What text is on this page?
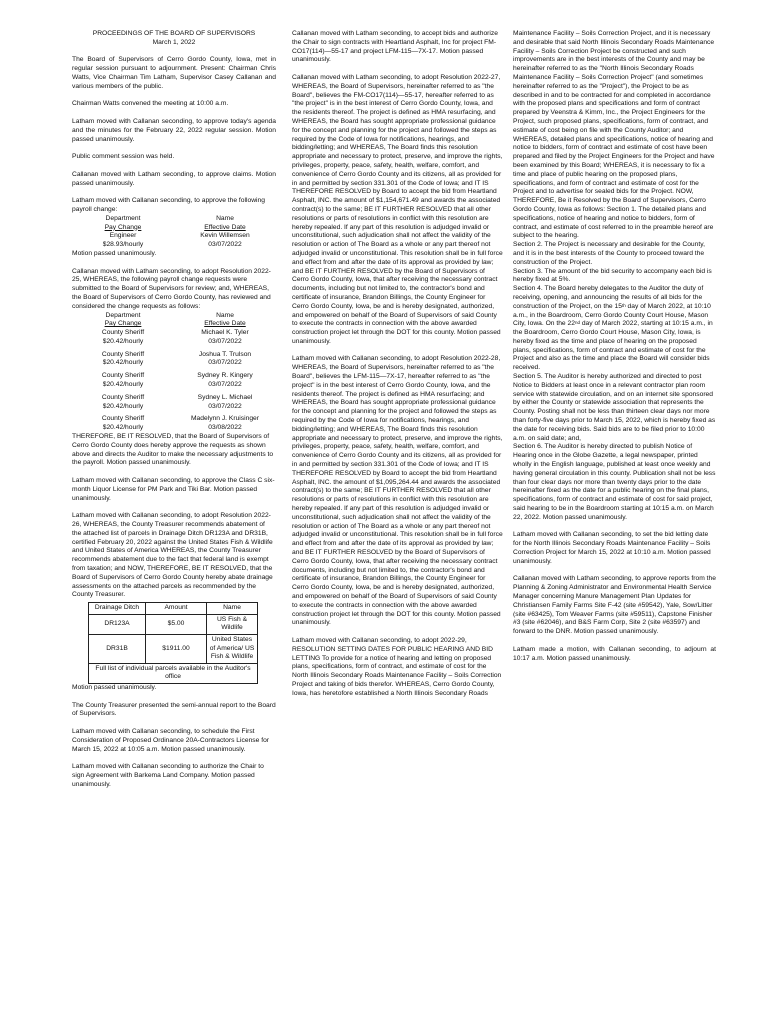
PROCEEDINGS OF THE BOARD OF SUPERVISORS

March 1, 2022

The Board of Supervisors of Cerro Gordo County, Iowa, met in regular session pursuant to adjournment. Present: Chairman Chris Watts, Vice Chairman Tim Latham, Supervisor Casey Callanan and various members of the public.

Chairman Watts convened the meeting at 10:00 a.m.

Latham moved with Callanan seconding, to approve today's agenda and the minutes for the February 22, 2022 regular session. Motion passed unanimously.

Public comment session was held.

Callanan moved with Latham seconding, to approve claims. Motion passed unanimously.

Latham moved with Callanan seconding, to approve the following payroll change:

Department	Name
Pay Change	Effective Date
Engineer	Kevin Willemsen
$28.93/hourly	03/07/2022

Motion passed unanimously.

Callanan moved with Latham seconding, to adopt Resolution 2022-25, WHEREAS, the following payroll change requests were submitted to the Board of Supervisors for review; and, WHEREAS, the Board of Supervisors of Cerro Gordo County, has reviewed and considered the change requests as follows:

Department	Name
Pay Change	Effective Date
County Sheriff	Michael K. Tyler
$20.42/hourly	03/07/2022
County Sheriff	Joshua T. Trulson
$20.42/hourly	03/07/2022
County Sheriff	Sydney R. Kingery
$20.42/hourly	03/07/2022
County Sheriff	Sydney L. Michael
$20.42/hourly	03/07/2022
County Sheriff	Madelynn J. Kruisinger
$20.42/hourly	03/08/2022

THEREFORE, BE IT RESOLVED, that the Board of Supervisors of Cerro Gordo County does hereby approve the requests as shown above and directs the Auditor to make the necessary adjustments to the payroll. Motion passed unanimously.

Latham moved with Callanan seconding, to approve the Class C six-month Liquor License for PM Park and Tiki Bar. Motion passed unanimously.

Latham moved with Callanan seconding, to adopt Resolution 2022-26, WHEREAS, the County Treasurer recommends abatement of the attached list of parcels in Drainage Ditch DR123A and DR31B, certified February 20, 2022 against the United States Fish & Wildlife and United States of America WHEREAS, the County Treasurer recommends abatement due to the fact that federal land is exempt from taxation; and NOW, THEREFORE, BE IT RESOLVED, that the Board of Supervisors of Cerro Gordo County hereby abate drainage assessments on the attached parcels as recommended by the County Treasurer.

Drainage Ditch	Amount	Name
DR123A	$5.00	US Fish & Wildlife
DR31B	$1911.00	United States of America/ US Fish & Wildlife
Full list of individual parcels available in the Auditor's office		

Motion passed unanimously.

The County Treasurer presented the semi-annual report to the Board of Supervisors.

Latham moved with Callanan seconding, to schedule the First Consideration of Proposed Ordinance 20A-Contractors License for March 15, 2022 at 10:05 a.m. Motion passed unanimously.

Latham moved with Callanan seconding to authorize the Chair to sign Agreement with Barkema Land Company. Motion passed unanimously.

Callanan moved with Latham seconding, to accept bids and authorize the Chair to sign contracts with Heartland Asphalt, Inc for project FM-CO17(114)—55-17 and project LFM-115—7X-17. Motion passed unanimously.

Callanan moved with Latham seconding, to adopt Resolution 2022-27, WHEREAS, the Board of Supervisors, hereinafter referred to as "the Board", believes the FM-CO17(114)—55-17, hereafter referred to as "the project" is in the best interest of Cerro Gordo County, Iowa, and the residents thereof. The project is defined as HMA resurfacing, and WHEREAS, the Board has sought appropriate professional guidance for the concept and planning for the project and followed the steps as required by the Code of Iowa for notifications, hearings, and bidding/letting; and WHEREAS, The Board finds this resolution appropriate and necessary to protect, preserve, and improve the rights, privileges, property, peace, safety, health, welfare, comfort, and convenience of Cerro Gordo County and its citizens, all as provided for in and permitted by section 331.301 of the Code of Iowa; and IT IS THEREFORE RESOLVED by Board to accept the bid from Heartland Asphalt, INC. the amount of $1,154,671.49 and awards the associated contract(s) to the same; BE IT FURTHER RESOLVED that all other resolutions or parts of resolutions in conflict with this resolution are hereby repealed. If any part of this resolution is adjudged invalid or unconstitutional, such adjudication shall not affect the validity of the resolution or action of The Board as a whole or any part thereof not adjudged invalid or unconstitutional. This resolution shall be in full force and effect from and after the date of its approval as provided by law; and BE IT FURTHER RESOLVED by the Board of Supervisors of Cerro Gordo County, Iowa, that after receiving the necessary contract documents, including but not limited to, the contractor's bond and certificate of insurance, Brandon Billings, the County Engineer for Cerro Gordo County, Iowa, be and is hereby designated, authorized, and empowered on behalf of the Board of Supervisors of said County to execute the contracts in connection with the above awarded construction project let through the DOT for this county. Motion passed unanimously.

Latham moved with Callanan seconding, to adopt Resolution 2022-28, WHEREAS, the Board of Supervisors, hereinafter referred to as "the Board", believes the LFM-115—7X-17, hereafter referred to as "the project" is in the best interest of Cerro Gordo County, Iowa, and the residents thereof. The project is defined as HMA resurfacing; and WHEREAS, the Board has sought appropriate professional guidance for the concept and planning for the project and followed the steps as required by the Code of Iowa for notifications, hearings, and bidding/letting; and WHEREAS, The Board finds this resolution appropriate and necessary to protect, preserve, and improve the rights, privileges, property, peace, safety, health, welfare, comfort, and convenience of Cerro Gordo County and its citizens, all as provided for in and permitted by section 331.301 of the Code of Iowa; and IT IS THEREFORE RESOLVED by Board to accept the bid from Heartland Asphalt, INC. the amount of $1,095,264.44 and awards the associated contract(s) to the same; BE IT FURTHER RESOLVED that all other resolutions or parts of resolutions in conflict with this resolution are hereby repealed. If any part of this resolution is adjudged invalid or unconstitutional, such adjudication shall not affect the validity of the resolution or action of The Board as a whole or any part thereof not adjudged invalid or unconstitutional. This resolution shall be in full force and effect from and after the date of its approval as provided by law; and BE IT FURTHER RESOLVED by the Board of Supervisors of Cerro Gordo County, Iowa, that after receiving the necessary contract documents, including but not limited to, the contractor's bond and certificate of insurance, Brandon Billings, the County Engineer for Cerro Gordo County, Iowa, be and is hereby designated, authorized, and empowered on behalf of the Board of Supervisors of said County to execute the contracts in connection with the above awarded construction project let through the DOT for this county. Motion passed unanimously.

Latham moved with Callanan seconding, to adopt 2022-29, RESOLUTION SETTING DATES FOR PUBLIC HEARING AND BID LETTING To provide for a notice of hearing and letting on proposed plans, specifications, form of contract, and estimate of cost for the North Illinois Secondary Roads Maintenance Facility – Soils Correction Project and taking of bids therefor. WHEREAS, Cerro Gordo County, Iowa, has heretofore established a North Illinois Secondary Roads

Maintenance Facility – Soils Correction Project, and it is necessary and desirable that said North Illinois Secondary Roads Maintenance Facility – Soils Correction Project be constructed and such improvements are in the best interests of the County and may be hereinafter referred to as the "North Illinois Secondary Roads Maintenance Facility – Soils Correction Project" (and sometimes hereinafter referred to as the "Project"), the Project to be as described in and to be contracted for and completed in accordance with the proposed plans and specifications and form of contract prepared by Veenstra & Kimm, Inc., the Project Engineers for the Project, such proposed plans, specifications, form of contract, and estimate of cost being on file with the County Auditor; and WHEREAS, detailed plans and specifications, notice of hearing and notice to bidders, form of contract and estimate of cost have been prepared and filed by the Project Engineers for the Project and have been examined by this Board; WHEREAS, it is necessary to fix a time and place of public hearing on the proposed plans, specifications, and form of contract and estimate of cost for the Project and to advertise for sealed bids for the Project. NOW, THEREFORE, Be it Resolved by the Board of Supervisors, Cerro Gordo County, Iowa as follows: Section 1. The detailed plans and specifications, notice of hearing and notice to bidders, form of contract, and estimate of cost referred to in the preamble hereof are subject to the hearing.

Section 2. The Project is necessary and desirable for the County, and it is in the best interests of the County to proceed toward the construction of the Project.

Section 3. The amount of the bid security to accompany each bid is hereby fixed at 5%.

Section 4. The Board hereby delegates to the Auditor the duty of receiving, opening, and announcing the results of all bids for the construction of the Project, on the 15th day of March 2022, at 10:10 a.m., in the Boardroom, Cerro Gordo County Court House, Mason City, Iowa. On the 22nd day of March 2022, starting at 10:15 a.m., in the Boardroom, Cerro Gordo Court House, Mason City, Iowa, is hereby fixed as the time and place of hearing on the proposed plans, specifications, form of contract and estimate of cost for the Project and also as the time and place the Board will consider bids received.

Section 5. The Auditor is hereby authorized and directed to post Notice to Bidders at least once in a relevant contractor plan room service with statewide circulation, and on an internet site sponsored by either the County or statewide association that represents the County. Posting shall not be less than thirteen clear days nor more than forty-five days prior to March 15, 2022, which is hereby fixed as the date for receiving bids. Said bids are to be filed prior to 10:00 a.m. on said date; and,

Section 6. The Auditor is hereby directed to publish Notice of Hearing once in the Globe Gazette, a legal newspaper, printed wholly in the English language, published at least once weekly and having general circulation in this county. Publication shall not be less than four clear days nor more than twenty days prior to the date hereinafter fixed as the date for a public hearing on the final plans, specifications, form of contract and estimate of cost for said project, said hearing to be in the Boardroom starting at 10:15 a.m. on March 22, 2022. Motion passed unanimously.

Latham moved with Callanan seconding, to set the bid letting date for the North Illinois Secondary Roads Maintenance Facility – Soils Correction Project for March 15, 2022 at 10:10 a.m. Motion passed unanimously.

Callanan moved with Latham seconding, to approve reports from the Planning & Zoning Administrator and Environmental Health Service Manager concerning Manure Management Plan Updates for Christiansen Family Farms Site F-42 (site #59542), Yale, Sow/Litter (site #63425), Tom Weaver Farms (site #59511), Capstone Finisher #3 (site #62046), and B&S Farm Corp, Site 2 (site #63597) and forward to the DNR. Motion passed unanimously.

Latham made a motion, with Callanan seconding, to adjourn at 10:17 a.m. Motion passed unanimously.
